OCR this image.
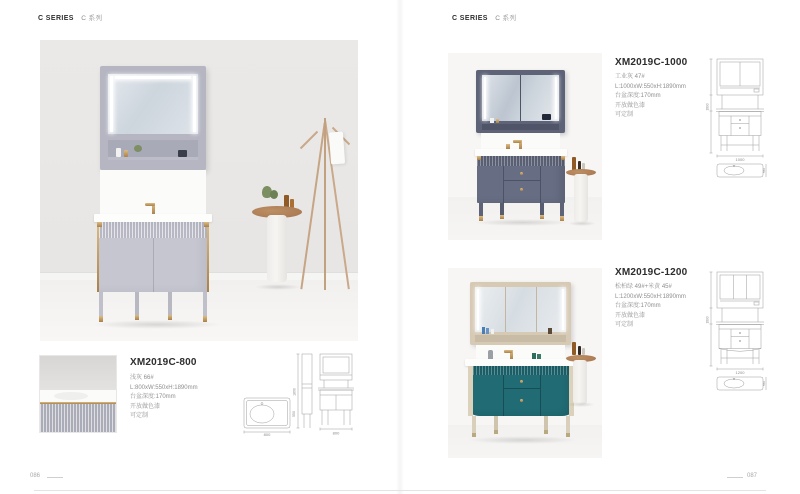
C SERIES C 系列
XM2019C-800
浅灰 66#
L:800xW:550xH:1890mm
台盆深度:170mm
开放做色漆
可定制
800
550
1890
800
086
C SERIES C 系列
XM2019C-1000
工业灰 47#
L:1000xW:550xH:1890mm
台盆深度:170mm
开放做色漆
可定制
1890
1000
550
XM2019C-1200
松柏绿 49#+米黄 45#
L:1200xW:550xH:1890mm
台盆深度:170mm
开放做色漆
可定制
1890
1200
550
087
